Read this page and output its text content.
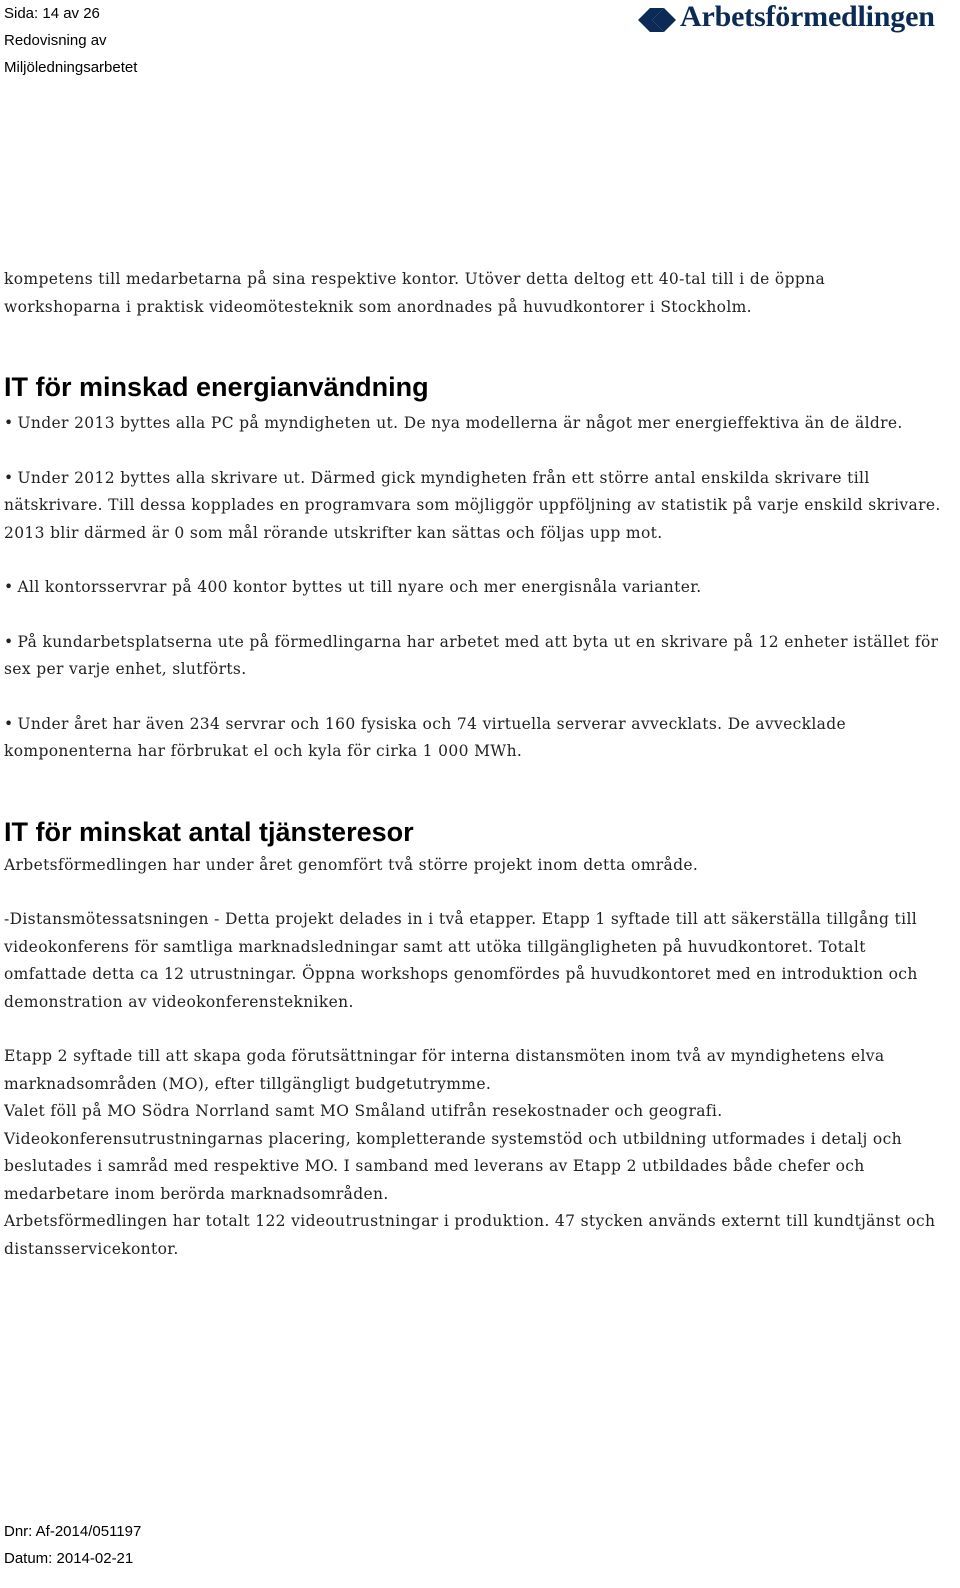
Sida: 14 av 26
Redovisning av
Miljöledningsarbetet
Arbetsförmedlingen

kompetens till medarbetarna på sina respektive kontor. Utöver detta deltog ett 40-tal till i de öppna workshoparna i praktisk videomötesteknik som anordnades på huvudkontorer i Stockholm.

IT för minskad energianvändning

• Under 2013 byttes alla PC på myndigheten ut. De nya modellerna är något mer energieffektiva än de äldre.

• Under 2012 byttes alla skrivare ut. Därmed gick myndigheten från ett större antal enskilda skrivare till nätskrivare. Till dessa kopplades en programvara som möjliggör uppföljning av statistik på varje enskild skrivare. 2013 blir därmed är 0 som mål rörande utskrifter kan sättas och följas upp mot.

• All kontorsservrar på 400 kontor byttes ut till nyare och mer energisnåla varianter.

• På kundarbetsplatserna ute på förmedlingarna har arbetet med att byta ut en skrivare på 12 enheter istället för sex per varje enhet, slutförts.

• Under året har även 234 servrar och 160 fysiska och 74 virtuella serverar avvecklats. De avvecklade komponenterna har förbrukat el och kyla för cirka 1 000 MWh.

IT för minskat antal tjänsteresor

Arbetsförmedlingen har under året genomfört två större projekt inom detta område.

-Distansmötessatsningen - Detta projekt delades in i två etapper. Etapp 1 syftade till att säkerställa tillgång till videokonferens för samtliga marknadsledningar samt att utöka tillgängligheten på huvudkontoret. Totalt omfattade detta ca 12 utrustningar. Öppna workshops genomfördes på huvudkontoret med en introduktion och demonstration av videokonferenstekniken.

Etapp 2 syftade till att skapa goda förutsättningar för interna distansmöten inom två av myndighetens elva marknadsområden (MO), efter tillgängligt budgetutrymme.
Valet föll på MO Södra Norrland samt MO Småland utifrån resekostnader och geografi.
Videokonferensutrustningarnas placering, kompletterande systemstöd och utbildning utformades i detalj och beslutades i samråd med respektive MO. I samband med leverans av Etapp 2 utbildades både chefer och medarbetare inom berörda marknadsområden.
Arbetsförmedlingen har totalt 122 videoutrustningar i produktion. 47 stycken används externt till kundtjänst och distansservicekontor.

Dnr: Af-2014/051197
Datum: 2014-02-21
